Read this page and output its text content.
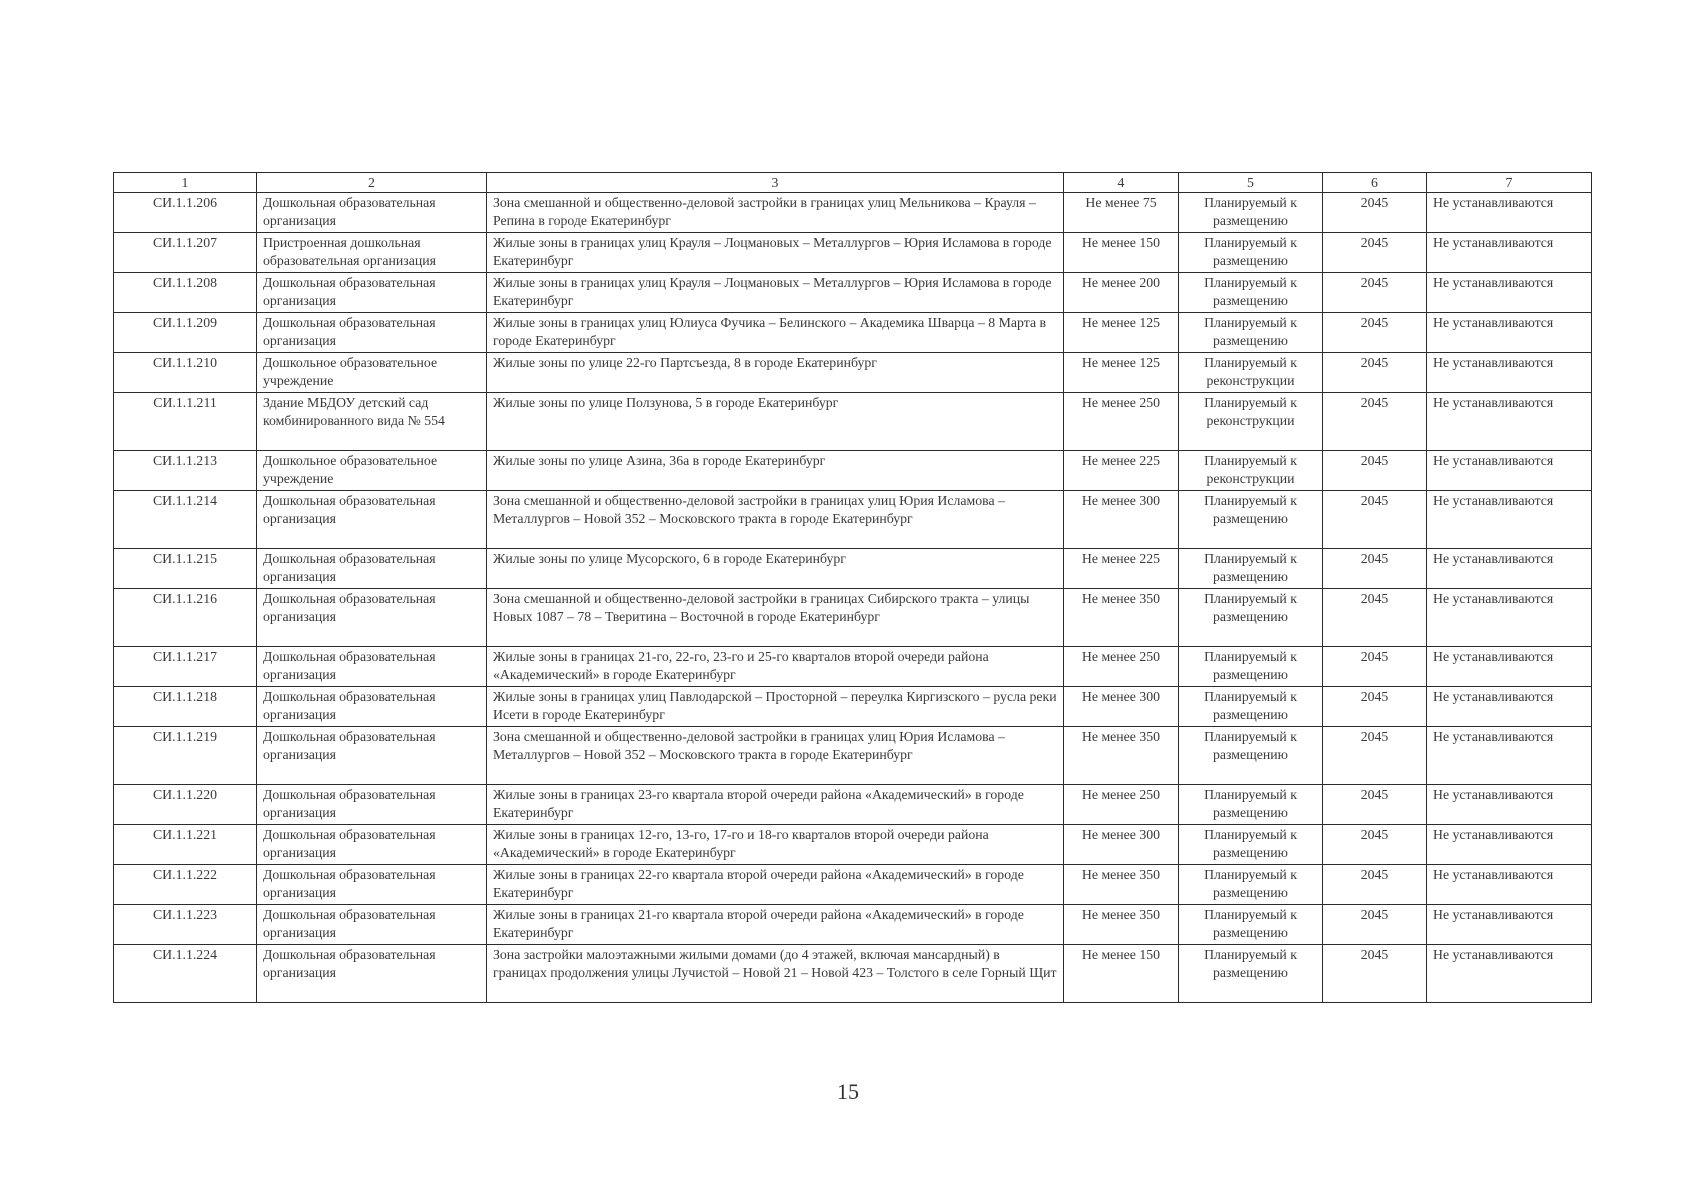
1	2	3	4	5	6	7
СИ.1.1.206	Дошкольная образовательная организация	Зона смешанной и общественно-деловой застройки в границах улиц Мельникова – Крауля – Репина в городе Екатеринбург	Не менее 75	Планируемый к размещению	2045	Не устанавливаются
СИ.1.1.207	Пристроенная дошкольная образовательная организация	Жилые зоны в границах улиц Крауля – Лоцмановых – Металлургов – Юрия Исламова в городе Екатеринбург	Не менее 150	Планируемый к размещению	2045	Не устанавливаются
СИ.1.1.208	Дошкольная образовательная организация	Жилые зоны в границах улиц Крауля – Лоцмановых – Металлургов – Юрия Исламова в городе Екатеринбург	Не менее 200	Планируемый к размещению	2045	Не устанавливаются
СИ.1.1.209	Дошкольная образовательная организация	Жилые зоны в границах улиц Юлиуса Фучика – Белинского – Академика Шварца – 8 Марта в городе Екатеринбург	Не менее 125	Планируемый к размещению	2045	Не устанавливаются
СИ.1.1.210	Дошкольное образовательное учреждение	Жилые зоны по улице 22-го Партсъезда, 8 в городе Екатеринбург	Не менее 125	Планируемый к реконструкции	2045	Не устанавливаются
СИ.1.1.211	Здание МБДОУ детский сад комбинированного вида № 554	Жилые зоны по улице Ползунова, 5 в городе Екатеринбург	Не менее 250	Планируемый к реконструкции	2045	Не устанавливаются
СИ.1.1.213	Дошкольное образовательное учреждение	Жилые зоны по улице Азина, 36а в городе Екатеринбург	Не менее 225	Планируемый к реконструкции	2045	Не устанавливаются
СИ.1.1.214	Дошкольная образовательная организация	Зона смешанной и общественно-деловой застройки в границах улиц Юрия Исламова – Металлургов – Новой 352 – Московского тракта в городе Екатеринбург	Не менее 300	Планируемый к размещению	2045	Не устанавливаются
СИ.1.1.215	Дошкольная образовательная организация	Жилые зоны по улице Мусорского, 6 в городе Екатеринбург	Не менее 225	Планируемый к размещению	2045	Не устанавливаются
СИ.1.1.216	Дошкольная образовательная организация	Зона смешанной и общественно-деловой застройки в границах Сибирского тракта – улицы Новых 1087 – 78 – Тверитина – Восточной в городе Екатеринбург	Не менее 350	Планируемый к размещению	2045	Не устанавливаются
СИ.1.1.217	Дошкольная образовательная организация	Жилые зоны в границах 21-го, 22-го, 23-го и 25-го кварталов второй очереди района «Академический» в городе Екатеринбург	Не менее 250	Планируемый к размещению	2045	Не устанавливаются
СИ.1.1.218	Дошкольная образовательная организация	Жилые зоны в границах улиц Павлодарской – Просторной – переулка Киргизского – русла реки Исети в городе Екатеринбург	Не менее 300	Планируемый к размещению	2045	Не устанавливаются
СИ.1.1.219	Дошкольная образовательная организация	Зона смешанной и общественно-деловой застройки в границах улиц Юрия Исламова – Металлургов – Новой 352 – Московского тракта в городе Екатеринбург	Не менее 350	Планируемый к размещению	2045	Не устанавливаются
СИ.1.1.220	Дошкольная образовательная организация	Жилые зоны в границах 23-го квартала второй очереди района «Академический» в городе Екатеринбург	Не менее 250	Планируемый к размещению	2045	Не устанавливаются
СИ.1.1.221	Дошкольная образовательная организация	Жилые зоны в границах 12-го, 13-го, 17-го и 18-го кварталов второй очереди района «Академический» в городе Екатеринбург	Не менее 300	Планируемый к размещению	2045	Не устанавливаются
СИ.1.1.222	Дошкольная образовательная организация	Жилые зоны в границах 22-го квартала второй очереди района «Академический» в городе Екатеринбург	Не менее 350	Планируемый к размещению	2045	Не устанавливаются
СИ.1.1.223	Дошкольная образовательная организация	Жилые зоны в границах 21-го квартала второй очереди района «Академический» в городе Екатеринбург	Не менее 350	Планируемый к размещению	2045	Не устанавливаются
СИ.1.1.224	Дошкольная образовательная организация	Зона застройки малоэтажными жилыми домами (до 4 этажей, включая мансардный) в границах продолжения улицы Лучистой – Новой 21 – Новой 423 – Толстого в селе Горный Щит	Не менее 150	Планируемый к размещению	2045	Не устанавливаются
15
